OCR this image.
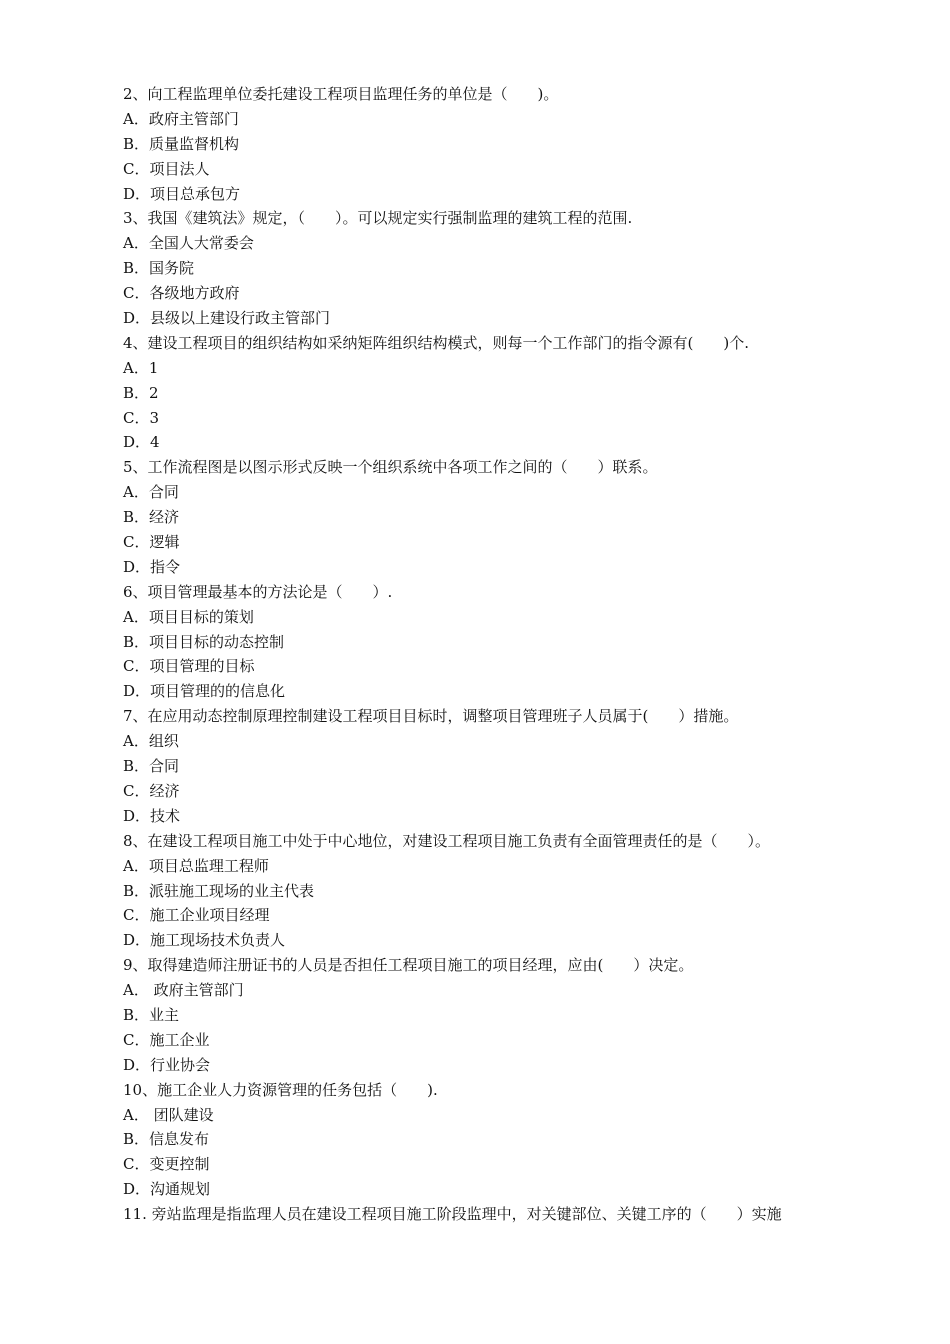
2、向工程监理单位委托建设工程项目监理任务的单位是（　　)。
A．政府主管部门
B．质量监督机构
C．项目法人
D．项目总承包方
3、我国《建筑法》规定，（　　）。可以规定实行强制监理的建筑工程的范围.
A．全国人大常委会
B．国务院
C．各级地方政府
D．县级以上建设行政主管部门
4、建设工程项目的组织结构如采纳矩阵组织结构模式，则每一个工作部门的指令源有(　　)个.
A．1
B．2
C．3
D．4
5、工作流程图是以图示形式反映一个组织系统中各项工作之间的（　　）联系。
A．合同
B．经济
C．逻辑
D．指令
6、项目管理最基本的方法论是（　　）.
A．项目目标的策划
B．项目目标的动态控制
C．项目管理的目标
D．项目管理的的信息化
7、在应用动态控制原理控制建设工程项目目标时，调整项目管理班子人员属于(　　）措施。
A．组织
B．合同
C．经济
D．技术
8、在建设工程项目施工中处于中心地位，对建设工程项目施工负责有全面管理责任的是（　　）。
A．项目总监理工程师
B．派驻施工现场的业主代表
C．施工企业项目经理
D．施工现场技术负责人
9、取得建造师注册证书的人员是否担任工程项目施工的项目经理，应由(　　）决定。
A． 政府主管部门
B．业主
C．施工企业
D．行业协会
10、施工企业人力资源管理的任务包括（　　).
A． 团队建设
B．信息发布
C．变更控制
D．沟通规划
11. 旁站监理是指监理人员在建设工程项目施工阶段监理中，对关键部位、关键工序的（　　）实施
